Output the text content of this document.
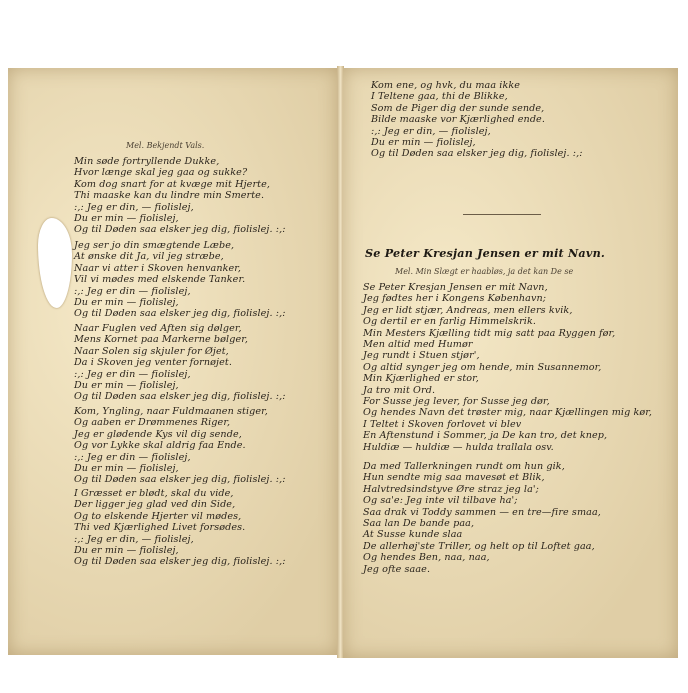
Mel. Bekjendt Vals.
Min søde fortryllende Dukke,
Hvor længe skal jeg gaa og sukke?
Kom dog snart for at kvæge mit Hjerte,
Thi maaske kan du lindre min Smerte.
:,: Jeg er din, — fiolislej,
Du er min — fiolislej,
Og til Døden saa elsker jeg dig, fiolislej. :,:
Jeg ser jo din smægtende Læbe,
At ønske dit Ja, vil jeg stræbe,
Naar vi atter i Skoven henvanker,
Vil vi mødes med elskende Tanker.
:,: Jeg er din — fiolislej,
Du er min — fiolislej,
Og til Døden saa elsker jeg dig, fiolislej. :,:
Naar Fuglen ved Aften sig dølger,
Mens Kornet paa Markerne bølger,
Naar Solen sig skjuler for Øjet,
Da i Skoven jeg venter fornøjet.
:,: Jeg er din — fiolislej,
Du er min — fiolislej,
Og til Døden saa elsker jeg dig, fiolislej. :,:
Kom, Yngling, naar Fuldmaanen stiger,
Og aaben er Drømmenes Riger,
Jeg er glødende Kys vil dig sende,
Og vor Lykke skal aldrig faa Ende.
:,: Jeg er din — fiolislej,
Du er min — fiolislej,
Og til Døden saa elsker jeg dig, fiolislej. :,:
I Græsset er blødt, skal du vide,
Der ligger jeg glad ved din Side,
Og to elskende Hjerter vil mødes,
Thi ved Kjærlighed Livet forsødes.
:,: Jeg er din, — fiolislej,
Du er min — fiolislej,
Og til Døden saa elsker jeg dig, fiolislej. :,:
Kom ene, og hvk, du maa ikke
I Teltene gaa, thi de Blikke,
Som de Piger dig der sunde sende,
Bilde maaske vor Kjærlighed ende.
:,: Jeg er din, — fiolislej,
Du er min — fiolislej,
Og til Døden saa elsker jeg dig, fiolislej. :,:
Se Peter Kresjan Jensen er mit Navn.
Mel. Min Slægt er haabløs, ja det kan De se
Se Peter Kresjan Jensen er mit Navn,
Jeg fødtes her i Kongens København;
Jeg er lidt stjær, Andreas, men ellers kvik,
Og dertil er en farlig Himmelskrik.
Min Mesters Kjælling tidt mig satt paa Ryggen før,
Men altid med Humør
Jeg rundt i Stuen stjør',
Og altid synger jeg om hende, min Susannemor,
Min Kjærlighed er stor,
Ja tro mit Ord.
For Susse jeg lever, for Susse jeg dør,
Og hendes Navn det trøster mig, naar Kjællingen mig kør,
I Teltet i Skoven forlovet vi blev
En Aftenstund i Sommer, ja De kan tro, det knep,
Huldiæ — huldiæ — hulda trallala osv.
Da med Tallerkningen rundt om hun gik,
Hun sendte mig saa mavesøt et Blik,
Halvtredsindstyve Øre straz jeg la';
Og sa'e: Jeg inte vil tilbave ha';
Saa drak vi Toddy sammen — en tre—fire smaa,
Saa lan De bande paa,
At Susse kunde slaa
De allerhøj'ste Triller, og helt op til Loftet gaa,
Og hendes Ben, naa, naa,
Jeg ofte saae.
